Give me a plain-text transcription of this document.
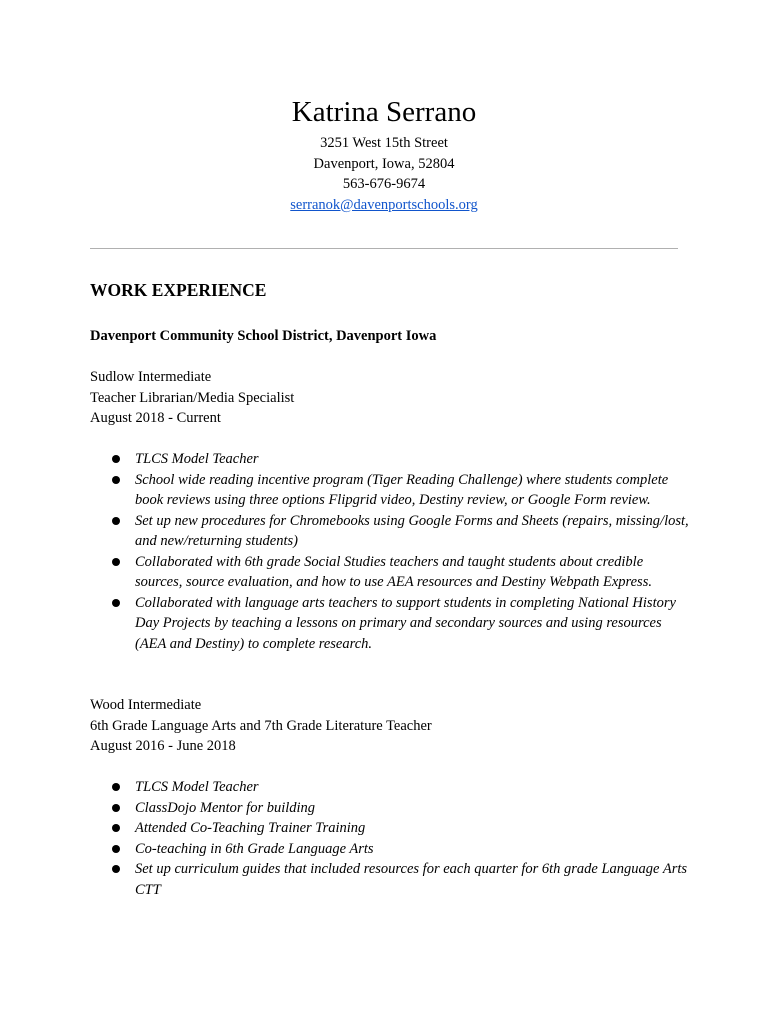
Katrina Serrano
3251 West 15th Street
Davenport, Iowa, 52804
563-676-9674
serranok@davenportschools.org
WORK EXPERIENCE
Davenport Community School District, Davenport Iowa
Sudlow Intermediate
Teacher Librarian/Media Specialist
August 2018 - Current
TLCS Model Teacher
School wide reading incentive program (Tiger Reading Challenge) where students complete book reviews using three options Flipgrid video, Destiny review, or Google Form review.
Set up new procedures for Chromebooks using Google Forms and Sheets (repairs, missing/lost, and new/returning students)
Collaborated with 6th grade Social Studies teachers and taught students about credible sources, source evaluation, and how to use AEA resources and Destiny Webpath Express.
Collaborated with language arts teachers to support students in completing National History Day Projects by teaching a lessons on primary and secondary sources and using resources (AEA and Destiny) to complete research.
Wood Intermediate
6th Grade Language Arts and 7th Grade Literature Teacher
August 2016 - June 2018
TLCS Model Teacher
ClassDojo Mentor for building
Attended Co-Teaching Trainer Training
Co-teaching in 6th Grade Language Arts
Set up curriculum guides that included resources for each quarter for 6th grade Language Arts CTT
